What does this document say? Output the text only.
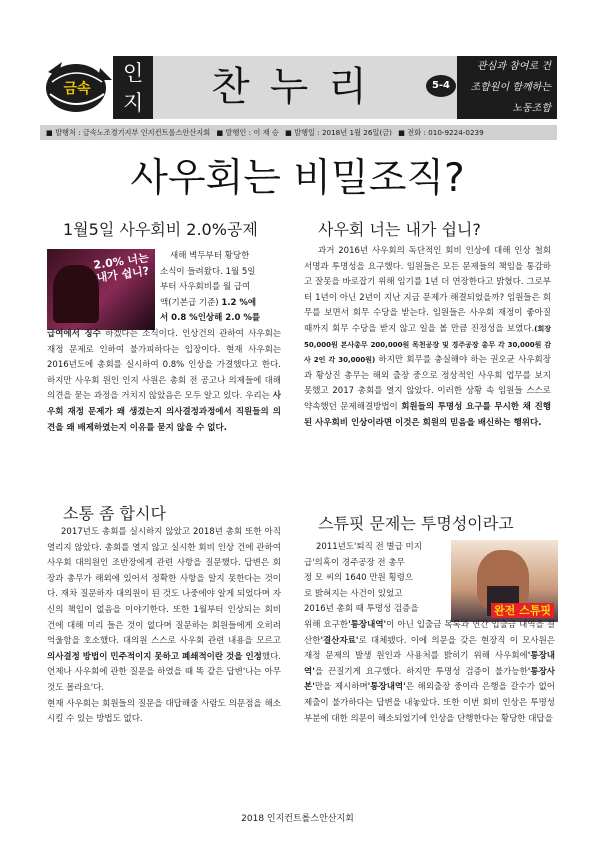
금속
인지	찬누리	5-4
관심과 참여로 건
조합원이 함께하는
노동조합
■ 발행처 : 금속노조경기지부 인지컨트롤스안산지회 ■ 발행인 : 이 재 승 ■ 발행일 : 2018년 1월 26일(금) ■ 전화 : 010-9224-0239
사우회는 비밀조직?
1월5일 사우회비 2.0%공제
2.0% 너는 내가 쉽니?
새해 벽두부터 황당한
소식이 들려왔다. 1월 5일
부터 사우회비를 월 급여
액(기본급 기준) 1.2 %에
서 0.8 %인상해 2.0 %를

급여에서 징수 하겠다는 소식이다. 인상건의 관하여 사우회는 재정 문제로 인하여 불가피하다는 입장이다. 현재 사우회는 2016년도에 총회를 실시하여 0.8% 인상을 가결했다고 한다. 하지만 사우회 원인 인지 사원은 총회 전 공고나 의제들에 대해 의견을 묻는 과정을 거치지 않았음은 모두 알고 있다. 우리는 사우회 재정 문제가 왜 생겼는지 의사결정과정에서 직원들의 의견을 왜 배제하였는지 이유를 묻지 않을 수 없다.

소통 좀 합시다

2017년도 총회를 실시하지 않았고 2018년 총회 또한 아직 열리지 않았다. 총회를 열지 않고 실시한 회비 인상 건에 관하여 사우회 대의원인 조반장에게 관련 사항을 질문했다. 답변은 회장과 총무가 해외에 있어서 정확한 사항을 알지 못한다는 것이다. 재차 질문하자 대의원이 된 것도 나중에야 알게 되었다며 자신의 책임이 없음을 이야기한다. 또한 1월부터 인상되는 회비 건에 대해 미리 들은 것이 없다며 질문하는 회원들에게 오히려 억울함을 호소했다. 대의원 스스로 사우회 관련 내용을 모르고 의사결정 방법이 민주적이지 못하고 폐쇄적이란 것을 인정했다. 언제나 사우회에 관한 질문을 하였을 때 똑 같은 답변'나는 아무것도 몰라요'다.

현재 사우회는 회원들의 질문을 대답해줄 사람도 의문점을 해소 시킬 수 있는 방법도 없다.

사우회 너는 내가 쉽니?

과거 2016년 사우회의 독단적인 회비 인상에 대해 인상 철회 서명과 투명성을 요구했다. 임원들은 모든 문제들의 책임을 통감하고 잘못을 바로잡기 위해 임기를 1년 더 연장한다고 밝혔다. 그로부터 1년이 아닌 2년이 지난 지금 문제가 해결되었을까? 임원들은 회무를 보면서 회무 수당을 받는다. 임원들은 사우회 재정이 좋아질 때까지 회무 수당을 받지 않고 일을 볼 만큼 진정성을 보였다.(회장 50,000원 본사총무 200,000원 목천공장 및 경주공장 총무 각 30,000원 감사 2인 각 30,000원) 하지만 회무를 충실해야 하는 권오균 사우회장과 황상진 총무는 해외 출장 중으로 정상적인 사우회 업무를 보지 못했고 2017 총회를 열지 않았다. 이러한 상황 속 임원들 스스로 약속했던 문제해결방법이 회원들의 투명성 요구를 무시한 채 진행된 사우회비 인상이라면 이것은 회원의 믿음을 배신하는 행위다.

스튜핏 문제는 투명성이라고
완전 스튜핏
2011년도'퇴직 전 별급 미지
급'의혹이 경주공장 전 총무
정 모 씨의 1640 만원 횡령으
로 밝혀지는 사건이 있었고
2016년 총회 때 투명성 검증을

위해 요구한'통장내역'이 아닌 입출금 목록과 연간 입출금 내역을 결산한'결산자료'로 대체됐다. 이에 의문을 갖은 현장직 이 모사원은 재정 문제의 발생 원인과 사용처를 밝히기 위해 사우회에'통장내역'을 끈질기게 요구했다. 하지만 투명성 검증이 불가능한'통장사본'만을 제시하며'통장내역'은 해외출장 중이라 은행을 갈수가 없어 제출이 불가하다는 답변을 내놓았다. 또한 이번 회비 인상은 투명성 부분에 대한 의문이 해소되었기에 인상을 단행한다는 황당한 대답을

2018 인지컨트롤스안산지회
